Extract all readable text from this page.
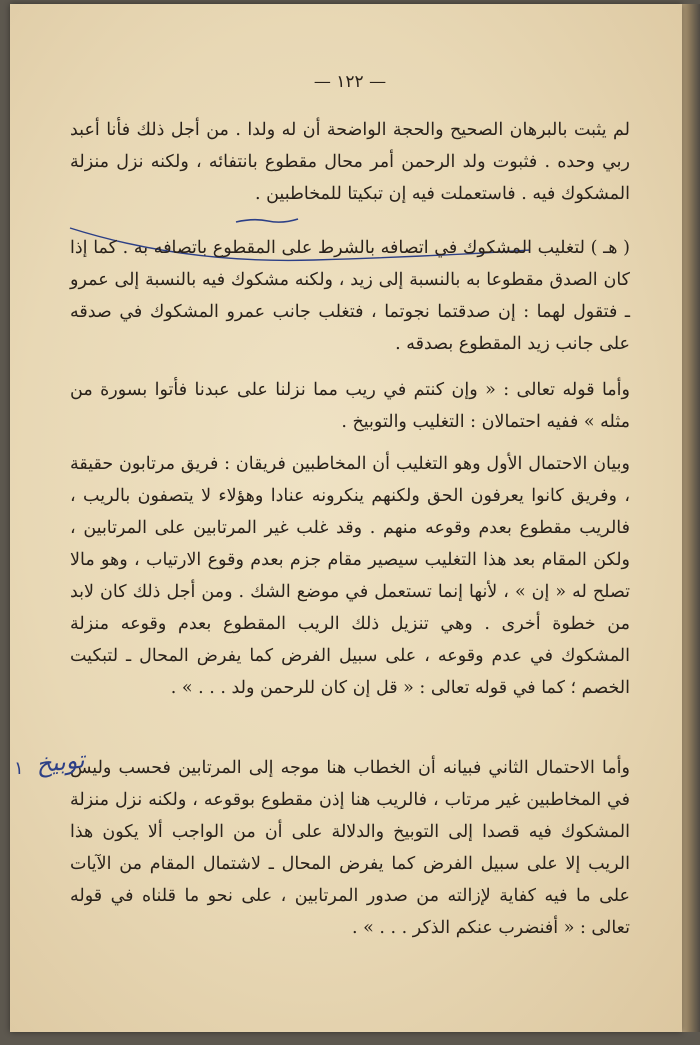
— ١٢٢ —

لم يثبت بالبرهان الصحيح والحجة الواضحة أن له ولدا . من أجل ذلك فأنا أعبد ربي وحده . فثبوت ولد الرحمن أمر محال مقطوع بانتفائه ، ولكنه نزل منزلة المشكوك فيه . فاستعملت فيه إن تبكيتا للمخاطبين .

( هـ ) لتغليب المشكوك في اتصافه بالشرط على المقطوع باتصافه به . كما إذا كان الصدق مقطوعا به بالنسبة إلى زيد ، ولكنه مشكوك فيه بالنسبة إلى عمرو ـ فتقول لهما : إن صدقتما نجوتما ، فتغلب جانب عمرو المشكوك في صدقه على جانب زيد المقطوع بصدقه .

وأما قوله تعالى : « وإن كنتم في ريب مما نزلنا على عبدنا فأتوا بسورة من مثله » ففيه احتمالان : التغليب والتوبيخ .

وبيان الاحتمال الأول وهو التغليب أن المخاطبين فريقان : فريق مرتابون حقيقة ، وفريق كانوا يعرفون الحق ولكنهم ينكرونه عنادا وهؤلاء لا يتصفون بالريب ، فالريب مقطوع بعدم وقوعه منهم . وقد غلب غير المرتابين على المرتابين ، ولكن المقام بعد هذا التغليب سيصير مقام جزم بعدم وقوع الارتياب ، وهو مالا تصلح له « إن » ، لأنها إنما تستعمل في موضع الشك . ومن أجل ذلك كان لابد من خطوة أخرى . وهي تنزيل ذلك الريب المقطوع بعدم وقوعه منزلة المشكوك في عدم وقوعه ، على سبيل الفرض كما يفرض المحال ـ لتبكيت الخصم ؛ كما في قوله تعالى : « قل إن كان للرحمن ولد . . . » .

وأما الاحتمال الثاني فبيانه أن الخطاب هنا موجه إلى المرتابين فحسب وليس في المخاطبين غير مرتاب ، فالريب هنا إذن مقطوع بوقوعه ، ولكنه نزل منزلة المشكوك فيه قصدا إلى التوبيخ والدلالة على أن من الواجب ألا يكون هذا الريب إلا على سبيل الفرض كما يفرض المحال ـ لاشتمال المقام من الآيات على ما فيه كفاية لإزالته من صدور المرتابين ، على نحو ما قلناه في قوله تعالى : « أفنضرب عنكم الذكر . . . » .

١ توبيخ
